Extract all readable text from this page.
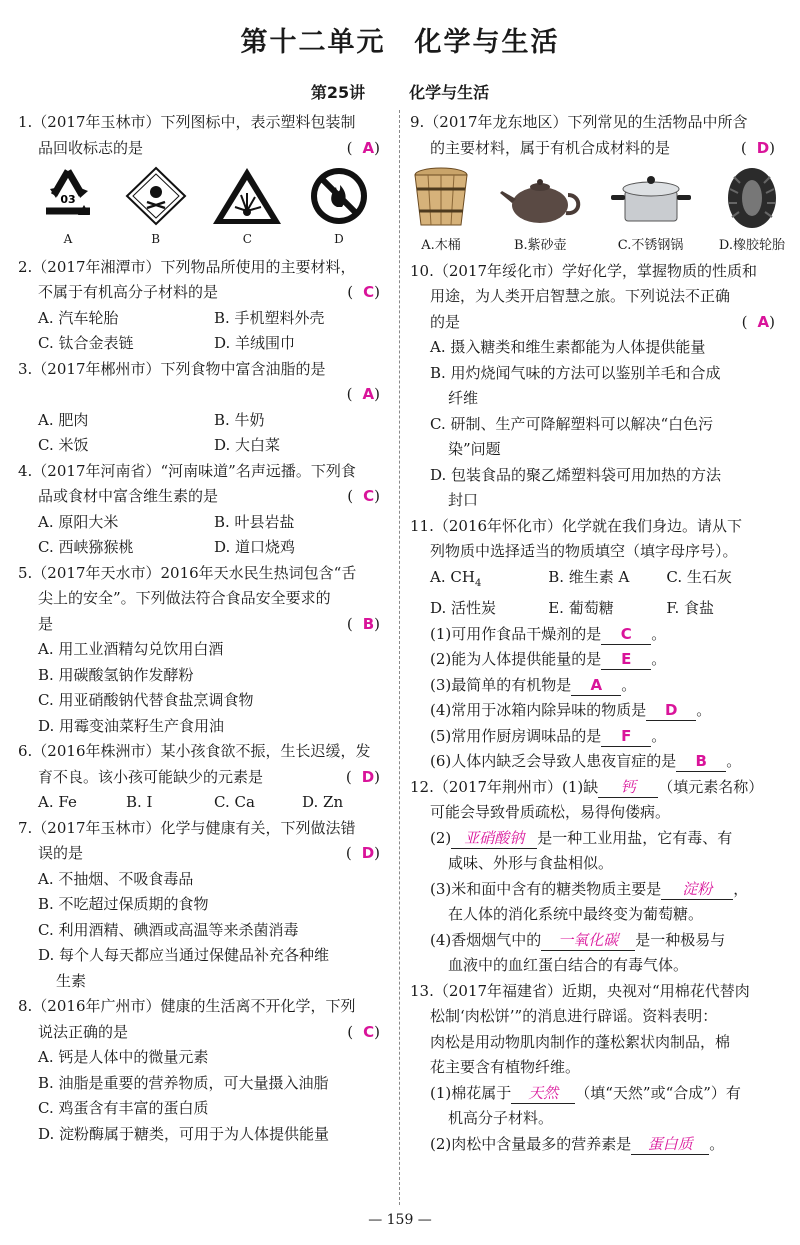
第十二单元　化学与生活
第25讲	化学与生活
1.（2017年玉林市）下列图标中，表示塑料包装制
品回收标志的是	(A)
03
A	B	C	D
2.（2017年湘潭市）下列物品所使用的主要材料，
不属于有机高分子材料的是	(C)
A. 汽车轮胎	B. 手机塑料外壳
C. 钛合金表链	D. 羊绒围巾
3.（2017年郴州市）下列食物中富含油脂的是

(A)
A. 肥肉	B. 牛奶
C. 米饭	D. 大白菜
4.（2017年河南省）“河南味道”名声远播。下列食
品或食材中富含维生素的是	(C)
A. 原阳大米	B. 叶县岩盐
C. 西峡猕猴桃	D. 道口烧鸡
5.（2017年天水市）2016年天水民生热词包含“舌
尖上的安全”。下列做法符合食品安全要求的
是	(B)
A. 用工业酒精勾兑饮用白酒
B. 用碳酸氢钠作发酵粉
C. 用亚硝酸钠代替食盐烹调食物
D. 用霉变油菜籽生产食用油
6.（2016年株洲市）某小孩食欲不振，生长迟缓，发
育不良。该小孩可能缺少的元素是	(D)
A. Fe	B. I	C. Ca	D. Zn
7.（2017年玉林市）化学与健康有关，下列做法错
误的是	(D)
A. 不抽烟、不吸食毒品
B. 不吃超过保质期的食物
C. 利用酒精、碘酒或高温等来杀菌消毒
D. 每个人每天都应当通过保健品补充各种维
生素
8.（2016年广州市）健康的生活离不开化学，下列
说法正确的是	(C)
A. 钙是人体中的微量元素
B. 油脂是重要的营养物质，可大量摄入油脂
C. 鸡蛋含有丰富的蛋白质
D. 淀粉酶属于糖类，可用于为人体提供能量
9.（2017年龙东地区）下列常见的生活物品中所含
的主要材料，属于有机合成材料的是	(D)
A.木桶	B.紫砂壶	C.不锈钢锅	D.橡胶轮胎
10.（2017年绥化市）学好化学，掌握物质的性质和
用途，为人类开启智慧之旅。下列说法不正确
的是	(A)
A. 摄入糖类和维生素都能为人体提供能量
B. 用灼烧闻气味的方法可以鉴别羊毛和合成
纤维
C. 研制、生产可降解塑料可以解决“白色污
染”问题
D. 包装食品的聚乙烯塑料袋可用加热的方法
封口
11.（2016年怀化市）化学就在我们身边。请从下
列物质中选择适当的物质填空（填字母序号）。
A. $CH_4$	B. 维生素 A	C. 生石灰
D. 活性炭	E. 葡萄糖	F. 食盐
(1)可用作食品干燥剂的是 C 。
(2)能为人体提供能量的是 E 。
(3)最简单的有机物是 A 。
(4)常用于冰箱内除异味的物质是 D 。
(5)常用作厨房调味品的是 F 。
(6)人体内缺乏会导致人患夜盲症的是 B 。
12.（2017年荆州市）(1)缺 钙 （填元素名称）
可能会导致骨质疏松，易得佝偻病。
(2) 亚硝酸钠 是一种工业用盐，它有毒、有
咸味、外形与食盐相似。
(3)米和面中含有的糖类物质主要是 淀粉 ，
在人体的消化系统中最终变为葡萄糖。
(4)香烟烟气中的 一氧化碳 是一种极易与
血液中的血红蛋白结合的有毒气体。
13.（2017年福建省）近期，央视对“用棉花代替肉
松制‘肉松饼’”的消息进行辟谣。资料表明：
肉松是用动物肌肉制作的蓬松絮状肉制品，棉
花主要含有植物纤维。
(1)棉花属于 天然 （填“天然”或“合成”）有
机高分子材料。
(2)肉松中含量最多的营养素是 蛋白质 。
— 159 —
